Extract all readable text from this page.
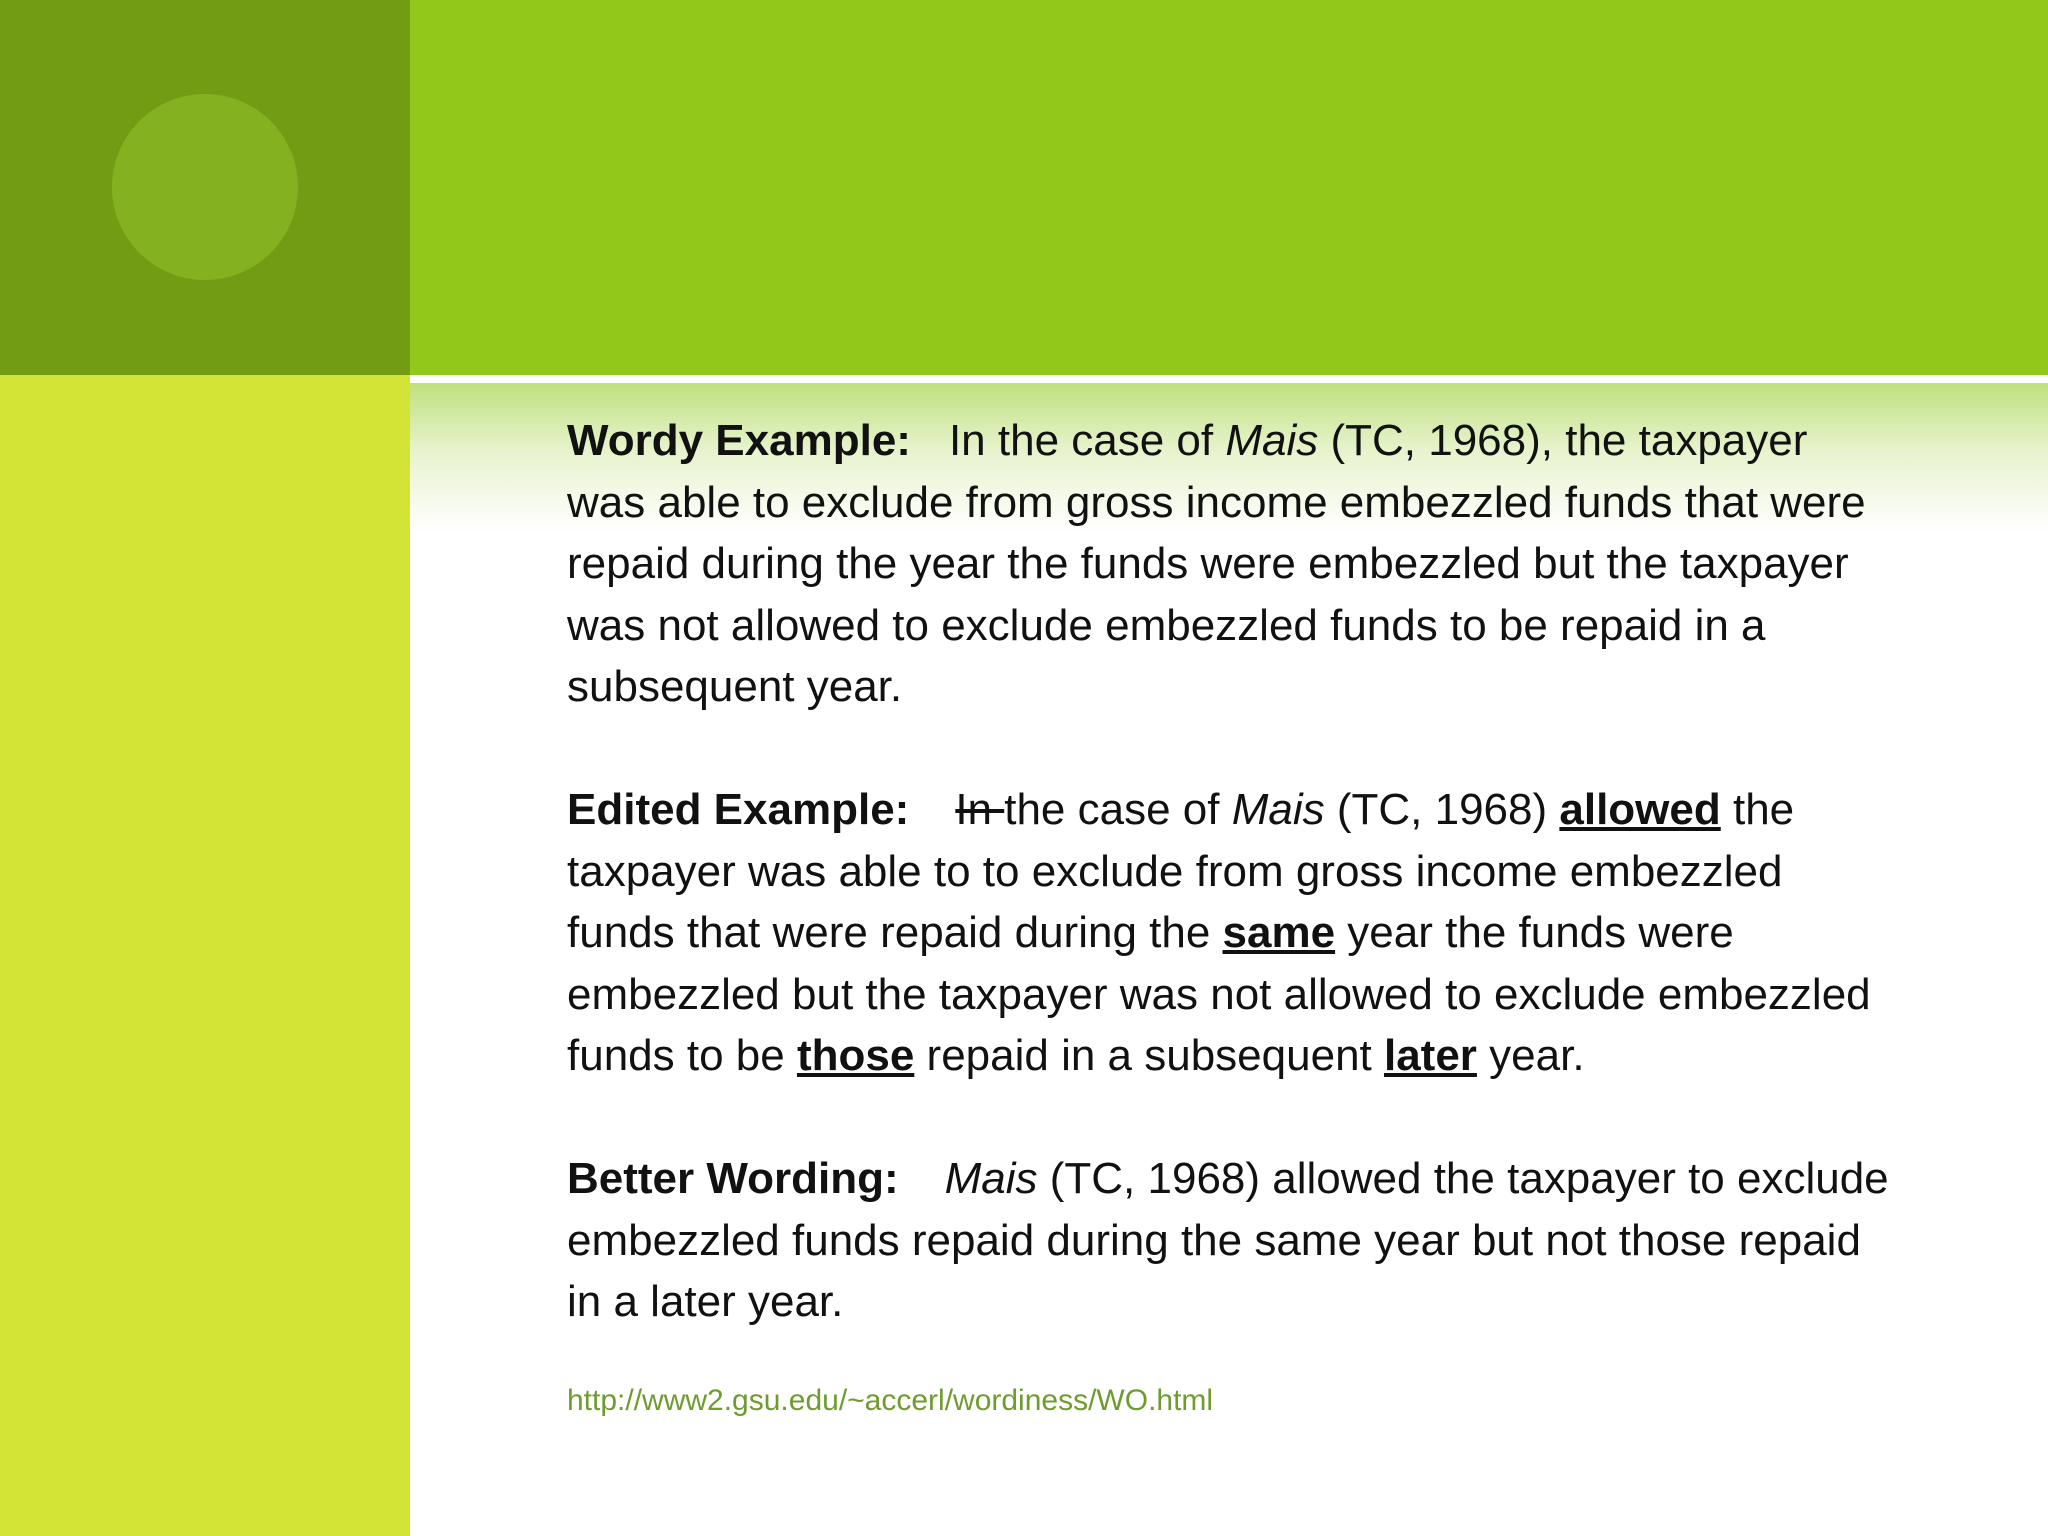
Wordy Example: In the case of Mais (TC, 1968), the taxpayer was able to exclude from gross income embezzled funds that were repaid during the year the funds were embezzled but the taxpayer was not allowed to exclude embezzled funds to be repaid in a subsequent year.

Edited Example: In the case of Mais (TC, 1968) allowed the taxpayer was able to to exclude from gross income embezzled funds that were repaid during the same year the funds were embezzled but the taxpayer was not allowed to exclude embezzled funds to be those repaid in a subsequent later year.

Better Wording: Mais (TC, 1968) allowed the taxpayer to exclude embezzled funds repaid during the same year but not those repaid in a later year.

http://www2.gsu.edu/~accerl/wordiness/WO.html
